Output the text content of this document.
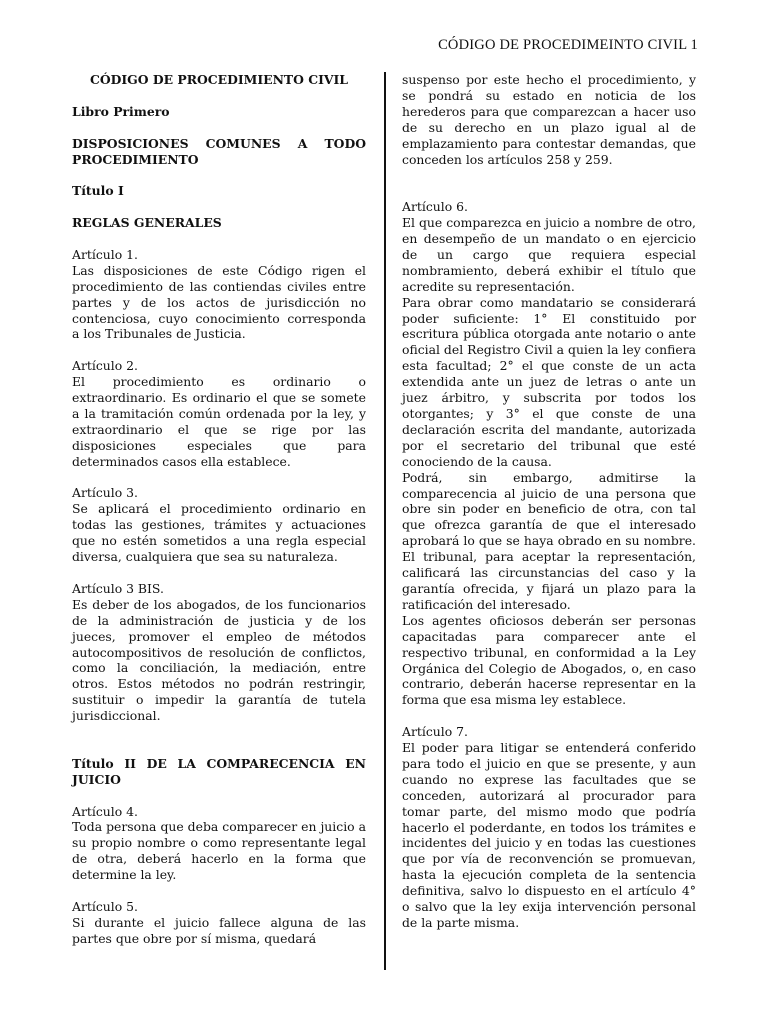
CÓDIGO DE PROCEDIMEINTO CIVIL 1

CÓDIGO DE PROCEDIMIENTO CIVIL

Libro Primero

DISPOSICIONES COMUNES A TODO PROCEDIMIENTO

Título I

REGLAS GENERALES

Artículo 1.

Las disposiciones de este Código rigen el procedimiento de las contiendas civiles entre partes y de los actos de jurisdicción no contenciosa, cuyo conocimiento corresponda a los Tribunales de Justicia.

Artículo 2.

El procedimiento es ordinario o extraordinario. Es ordinario el que se somete a la tramitación común ordenada por la ley, y extraordinario el que se rige por las disposiciones especiales que para determinados casos ella establece.

Artículo 3.

Se aplicará el procedimiento ordinario en todas las gestiones, trámites y actuaciones que no estén sometidos a una regla especial diversa, cualquiera que sea su naturaleza.

Artículo 3 BIS.

Es deber de los abogados, de los funcionarios de la administración de justicia y de los jueces, promover el empleo de métodos autocompositivos de resolución de conflictos, como la conciliación, la mediación, entre otros. Estos métodos no podrán restringir, sustituir o impedir la garantía de tutela jurisdiccional.

Título II DE LA COMPARECENCIA EN JUICIO

Artículo 4.

Toda persona que deba comparecer en juicio a su propio nombre o como representante legal de otra, deberá hacerlo en la forma que determine la ley.

Artículo 5.

Si durante el juicio fallece alguna de las partes que obre por sí misma, quedará

suspenso por este hecho el procedimiento, y se pondrá su estado en noticia de los herederos para que comparezcan a hacer uso de su derecho en un plazo igual al de emplazamiento para contestar demandas, que conceden los artículos 258 y 259.

Artículo 6.

El que comparezca en juicio a nombre de otro, en desempeño de un mandato o en ejercicio de un cargo que requiera especial nombramiento, deberá exhibir el título que acredite su representación.

Para obrar como mandatario se considerará poder suficiente: 1° El constituido por escritura pública otorgada ante notario o ante oficial del Registro Civil a quien la ley confiera esta facultad; 2° el que conste de un acta extendida ante un juez de letras o ante un juez árbitro, y subscrita por todos los otorgantes; y 3° el que conste de una declaración escrita del mandante, autorizada por el secretario del tribunal que esté conociendo de la causa.

Podrá, sin embargo, admitirse la comparecencia al juicio de una persona que obre sin poder en beneficio de otra, con tal que ofrezca garantía de que el interesado aprobará lo que se haya obrado en su nombre. El tribunal, para aceptar la representación, calificará las circunstancias del caso y la garantía ofrecida, y fijará un plazo para la ratificación del interesado.

Los agentes oficiosos deberán ser personas capacitadas para comparecer ante el respectivo tribunal, en conformidad a la Ley Orgánica del Colegio de Abogados, o, en caso contrario, deberán hacerse representar en la forma que esa misma ley establece.

Artículo 7.

El poder para litigar se entenderá conferido para todo el juicio en que se presente, y aun cuando no exprese las facultades que se conceden, autorizará al procurador para tomar parte, del mismo modo que podría hacerlo el poderdante, en todos los trámites e incidentes del juicio y en todas las cuestiones que por vía de reconvención se promuevan, hasta la ejecución completa de la sentencia definitiva, salvo lo dispuesto en el artículo 4° o salvo que la ley exija intervención personal de la parte misma.
